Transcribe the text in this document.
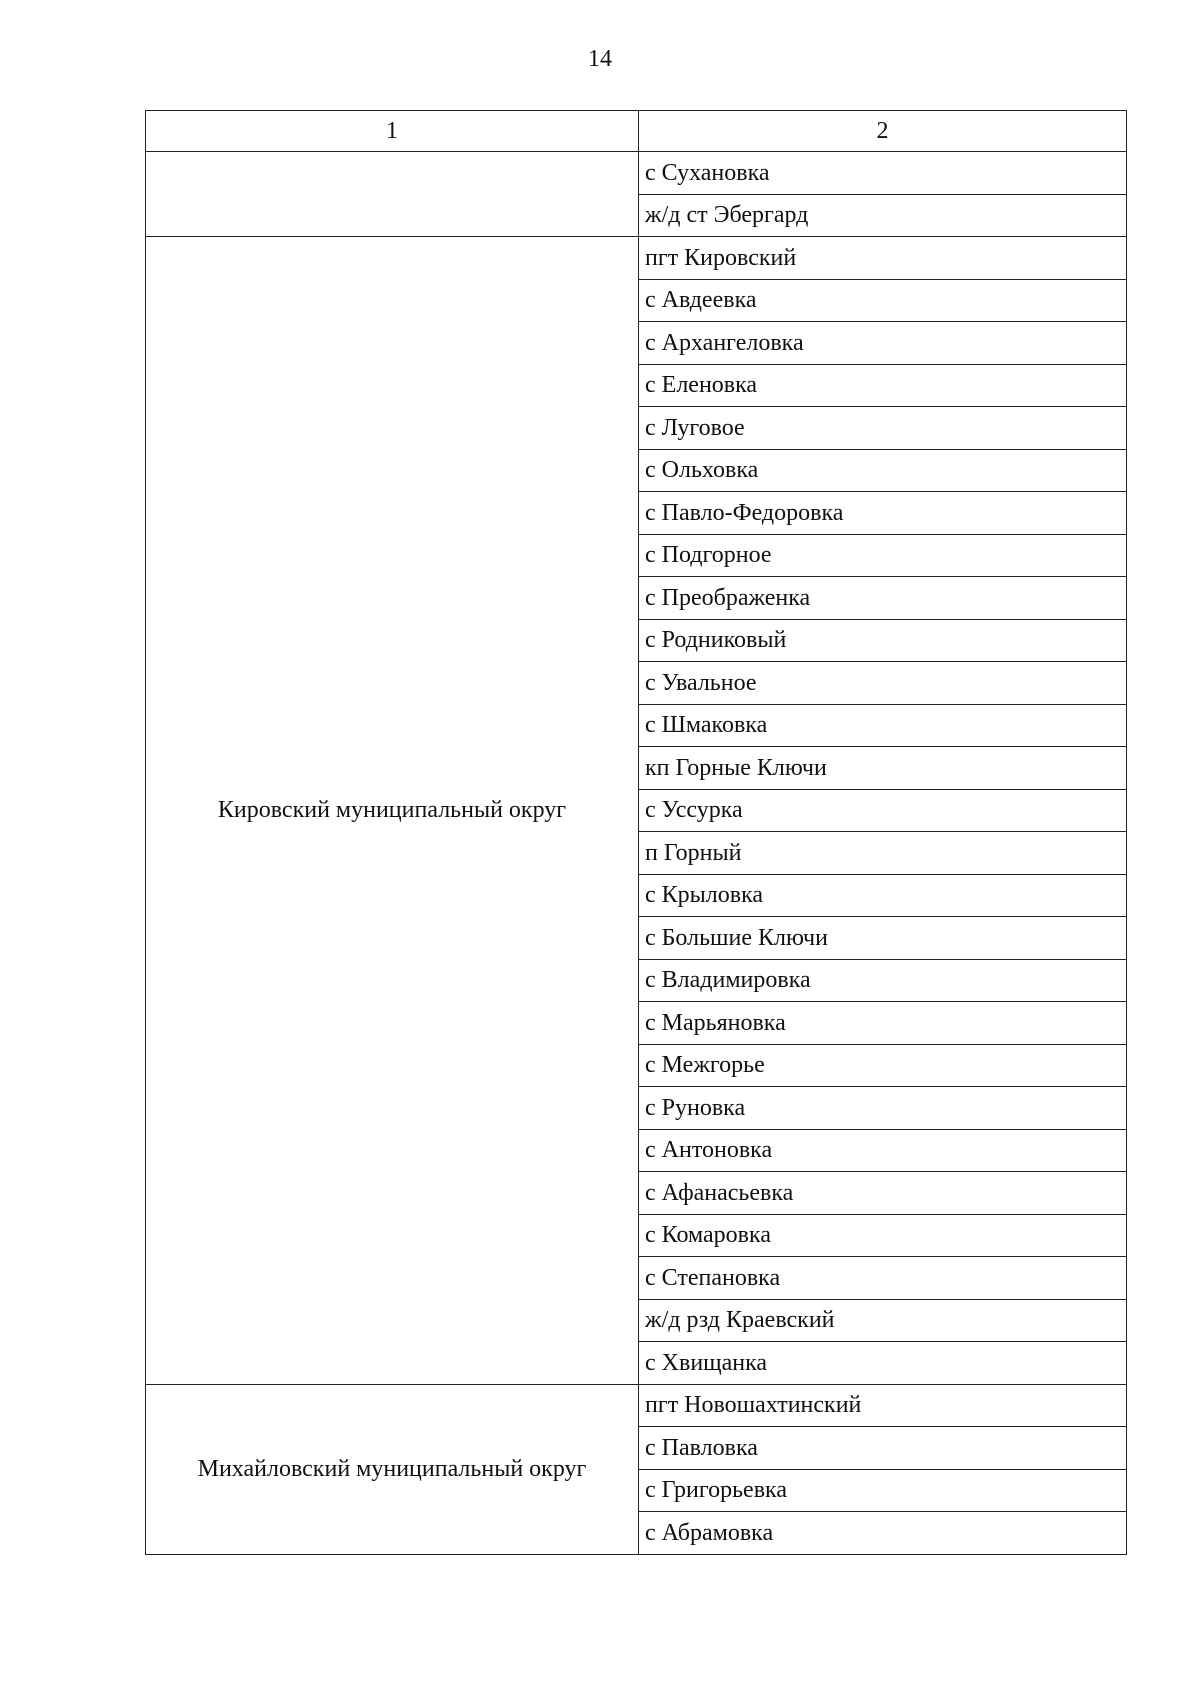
14
1	2
	с Сухановка
	ж/д ст Эбергард
Кировский муниципальный округ	пгт Кировский
	с Авдеевка
	с Архангеловка
	с Еленовка
	с Луговое
	с Ольховка
	с Павло-Федоровка
	с Подгорное
	с Преображенка
	с Родниковый
	с Увальное
	с Шмаковка
	кп Горные Ключи
	с Уссурка
	п Горный
	с Крыловка
	с Большие Ключи
	с Владимировка
	с Марьяновка
	с Межгорье
	с Руновка
	с Антоновка
	с Афанасьевка
	с Комаровка
	с Степановка
	ж/д рзд Краевский
	с Хвищанка
Михайловский муниципальный округ	пгт Новошахтинский
	с Павловка
	с Григорьевка
	с Абрамовка
